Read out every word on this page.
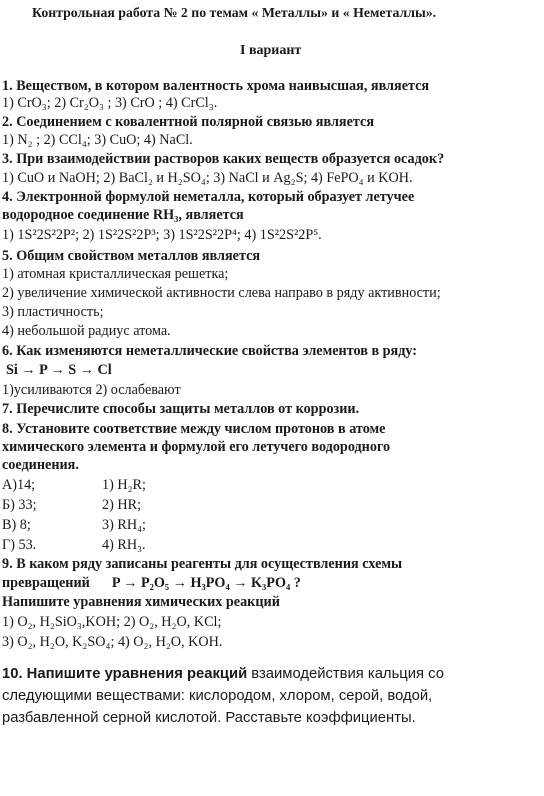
Контрольная работа № 2 по темам « Металлы» и « Неметаллы».
I вариант
1. Веществом, в котором валентность хрома наивысшая, является
1) CrO₃; 2) Cr₂O₃ ; 3) CrO ; 4) CrCl₃.
2. Соединением с ковалентной полярной связью является
1) N₂ ; 2) CCl₄; 3) CuO; 4) NaCl.
3. При взаимодействии растворов каких веществ образуется осадок?
1) CuO и NaOH; 2) BaCl₂ и H₂SO₄; 3) NaCl и Ag₂S; 4) FePO₄ и KOH.
4. Электронной формулой неметалла, который образует летучее
водородное соединение RH₃, является
1) 1S²2S²2P²; 2) 1S²2S²2P³; 3) 1S²2S²2P⁴; 4) 1S²2S²2P⁵.
5. Общим свойством металлов является
1) атомная кристаллическая решетка;
2) увеличение химической активности слева направо в ряду активности;
3) пластичность;
4) небольшой радиус атома.
6. Как изменяются неметаллические свойства элементов в ряду:
Si → P → S → Cl
1)усиливаются 2) ослабевают
7. Перечислите способы защиты металлов от коррозии.
8. Установите соответствие между числом протонов в атоме
химического элемента и формулой его летучего водородного
соединения.
А)14;	1) H₂R;
Б) 33;	2) HR;
В) 8;	3) RH₄;
Г) 53.	4) RH₃.
9. В каком ряду записаны реагенты для осуществления схемы
превращений P → P₂O₅ → H₃PO₄ → K₃PO₄ ?
Напишите уравнения химических реакций
1) O₂, H₂SiO₃,KOH; 2) O₂, H₂O, KCl;
3) O₂, H₂O, K₂SO₄; 4) O₂, H₂O, KOH.
10. Напишите уравнения реакций взаимодействия кальция со
следующими веществами: кислородом, хлором, серой, водой,
разбавленной серной кислотой. Расставьте коэффициенты.
